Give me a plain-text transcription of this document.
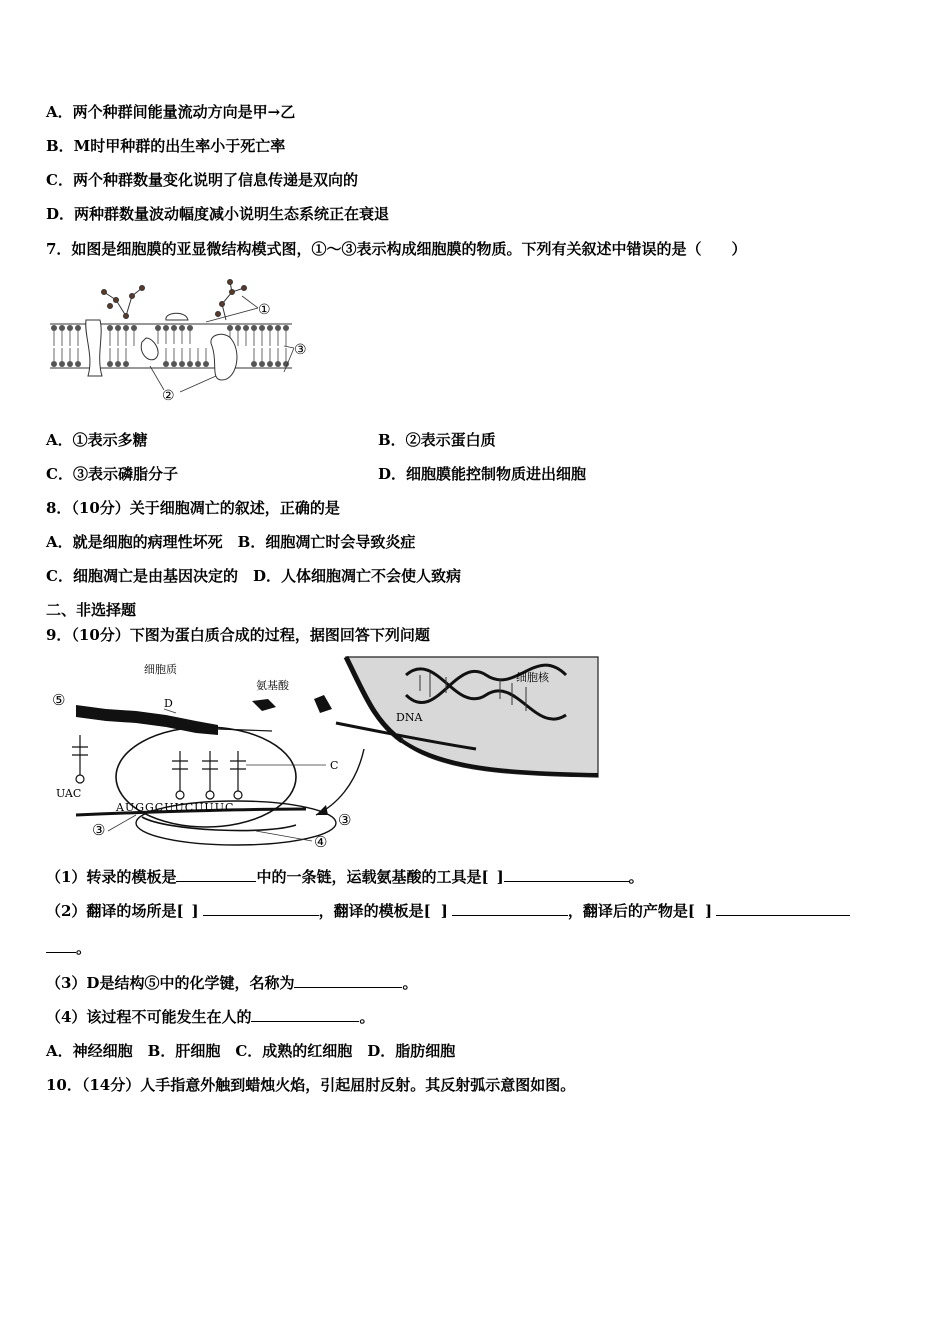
A．两个种群间能量流动方向是甲→乙
B．M时甲种群的出生率小于死亡率
C．两个种群数量变化说明了信息传递是双向的
D．两种群数量波动幅度减小说明生态系统正在衰退
7．如图是细胞膜的亚显微结构模式图，①～③表示构成细胞膜的物质。下列有关叙述中错误的是（　　）
①
③
②
A．①表示多糖	B．②表示蛋白质
C．③表示磷脂分子	D．细胞膜能控制物质进出细胞
8．（10分）关于细胞凋亡的叙述，正确的是
A．就是细胞的病理性坏死　B．细胞凋亡时会导致炎症
C．细胞凋亡是由基因决定的　D．人体细胞凋亡不会使人致病
二、非选择题
9．（10分）下图为蛋白质合成的过程，据图回答下列问题
细胞核
DNA
细胞质
氨基酸
D
⑤
C
UAC
AUGGCUUCUUUC
③
③
④
（1）转录的模板是	中的一条链，运载氨基酸的工具是[ ]	。
（2）翻译的场所是[ ]	，翻译的模板是[ ]	，翻译后的产物是[ ]
。
（3）D是结构⑤中的化学键，名称为	。
（4）该过程不可能发生在人的	。
A．神经细胞　B．肝细胞　C．成熟的红细胞　D．脂肪细胞
10．（14分）人手指意外触到蜡烛火焰，引起屈肘反射。其反射弧示意图如图。
